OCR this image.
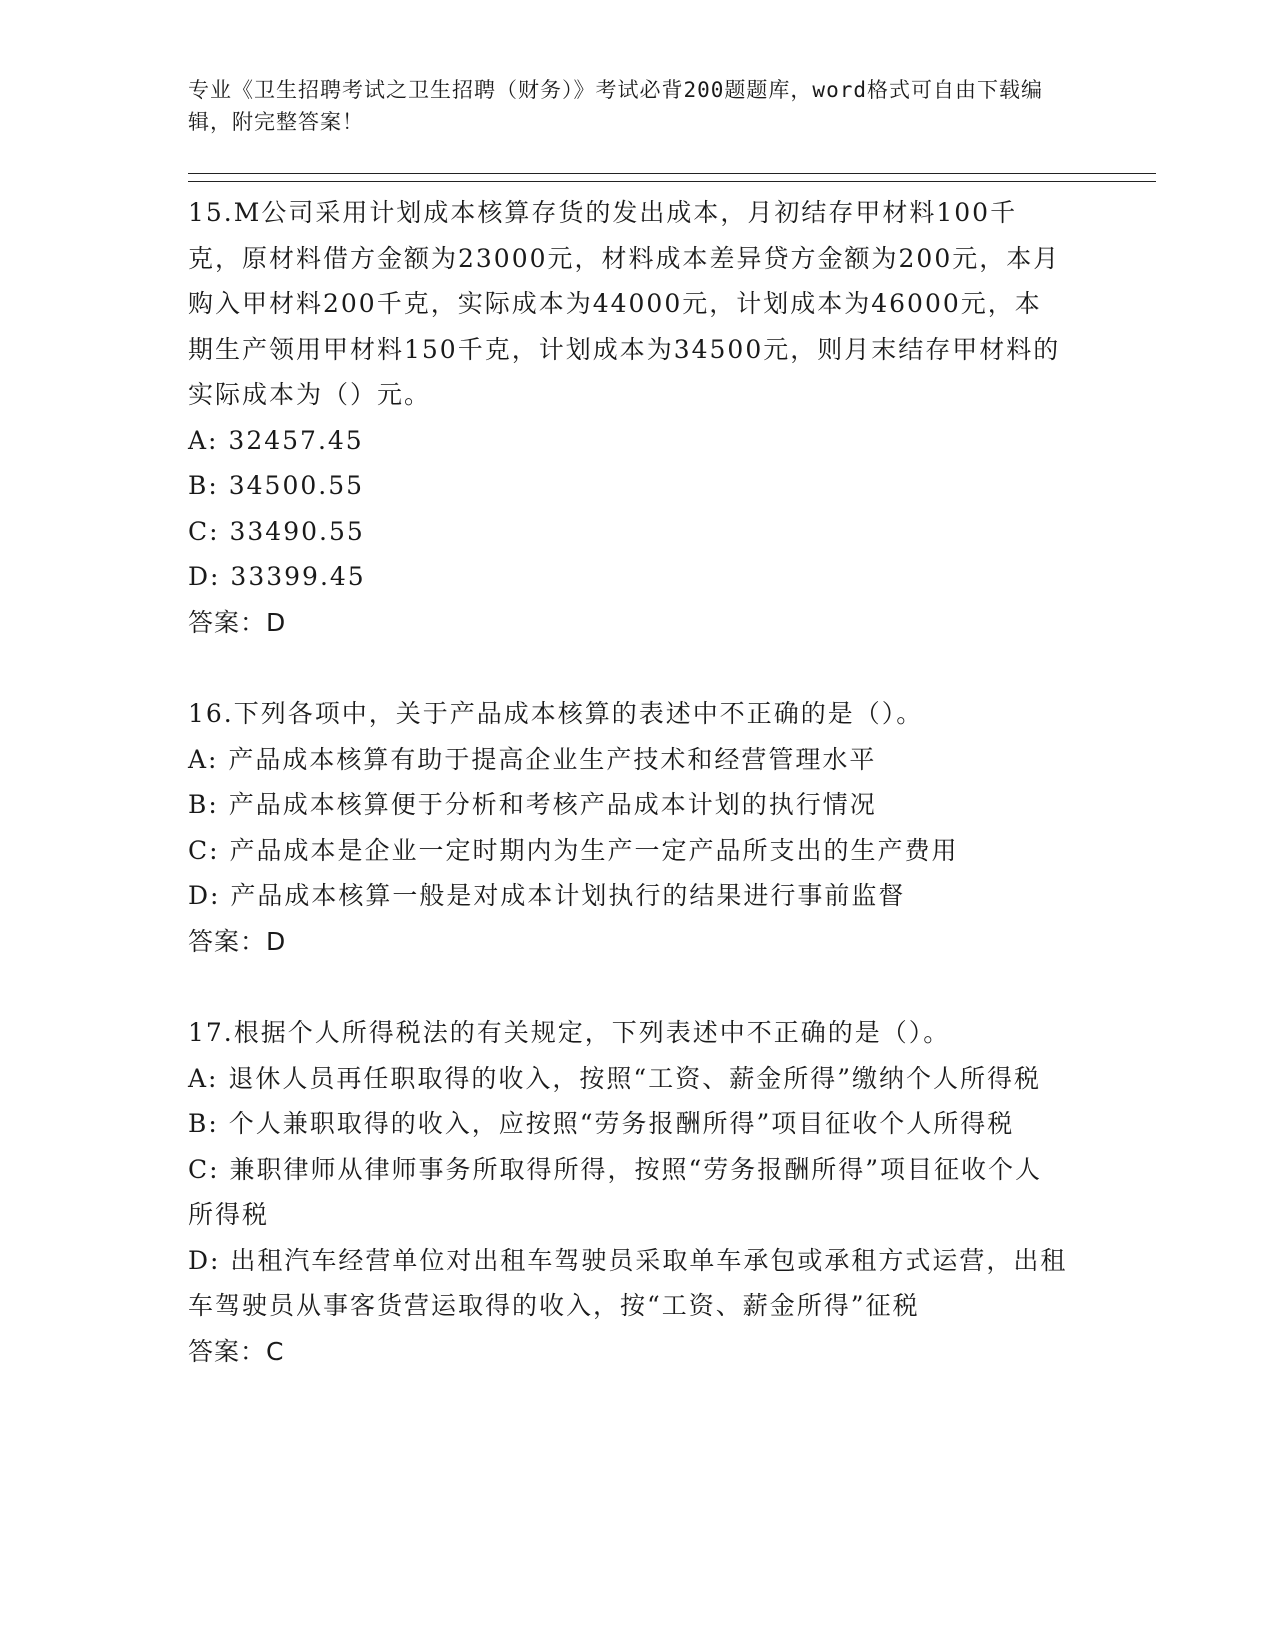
专业《卫生招聘考试之卫生招聘（财务）》考试必背200题题库，word格式可自由下载编辑，附完整答案！

15.M公司采用计划成本核算存货的发出成本，月初结存甲材料100千克，原材料借方金额为23000元，材料成本差异贷方金额为200元，本月购入甲材料200千克，实际成本为44000元，计划成本为46000元，本期生产领用甲材料150千克，计划成本为34500元，则月末结存甲材料的实际成本为（）元。

A: 32457.45

B: 34500.55

C: 33490.55

D: 33399.45

答案：D

16.下列各项中，关于产品成本核算的表述中不正确的是（）。

A: 产品成本核算有助于提高企业生产技术和经营管理水平

B: 产品成本核算便于分析和考核产品成本计划的执行情况

C: 产品成本是企业一定时期内为生产一定产品所支出的生产费用

D: 产品成本核算一般是对成本计划执行的结果进行事前监督

答案：D

17.根据个人所得税法的有关规定，下列表述中不正确的是（）。

A: 退休人员再任职取得的收入，按照“工资、薪金所得”缴纳个人所得税

B: 个人兼职取得的收入，应按照“劳务报酬所得”项目征收个人所得税

C: 兼职律师从律师事务所取得所得，按照“劳务报酬所得”项目征收个人所得税

D: 出租汽车经营单位对出租车驾驶员采取单车承包或承租方式运营，出租车驾驶员从事客货营运取得的收入，按“工资、薪金所得”征税

答案：C
